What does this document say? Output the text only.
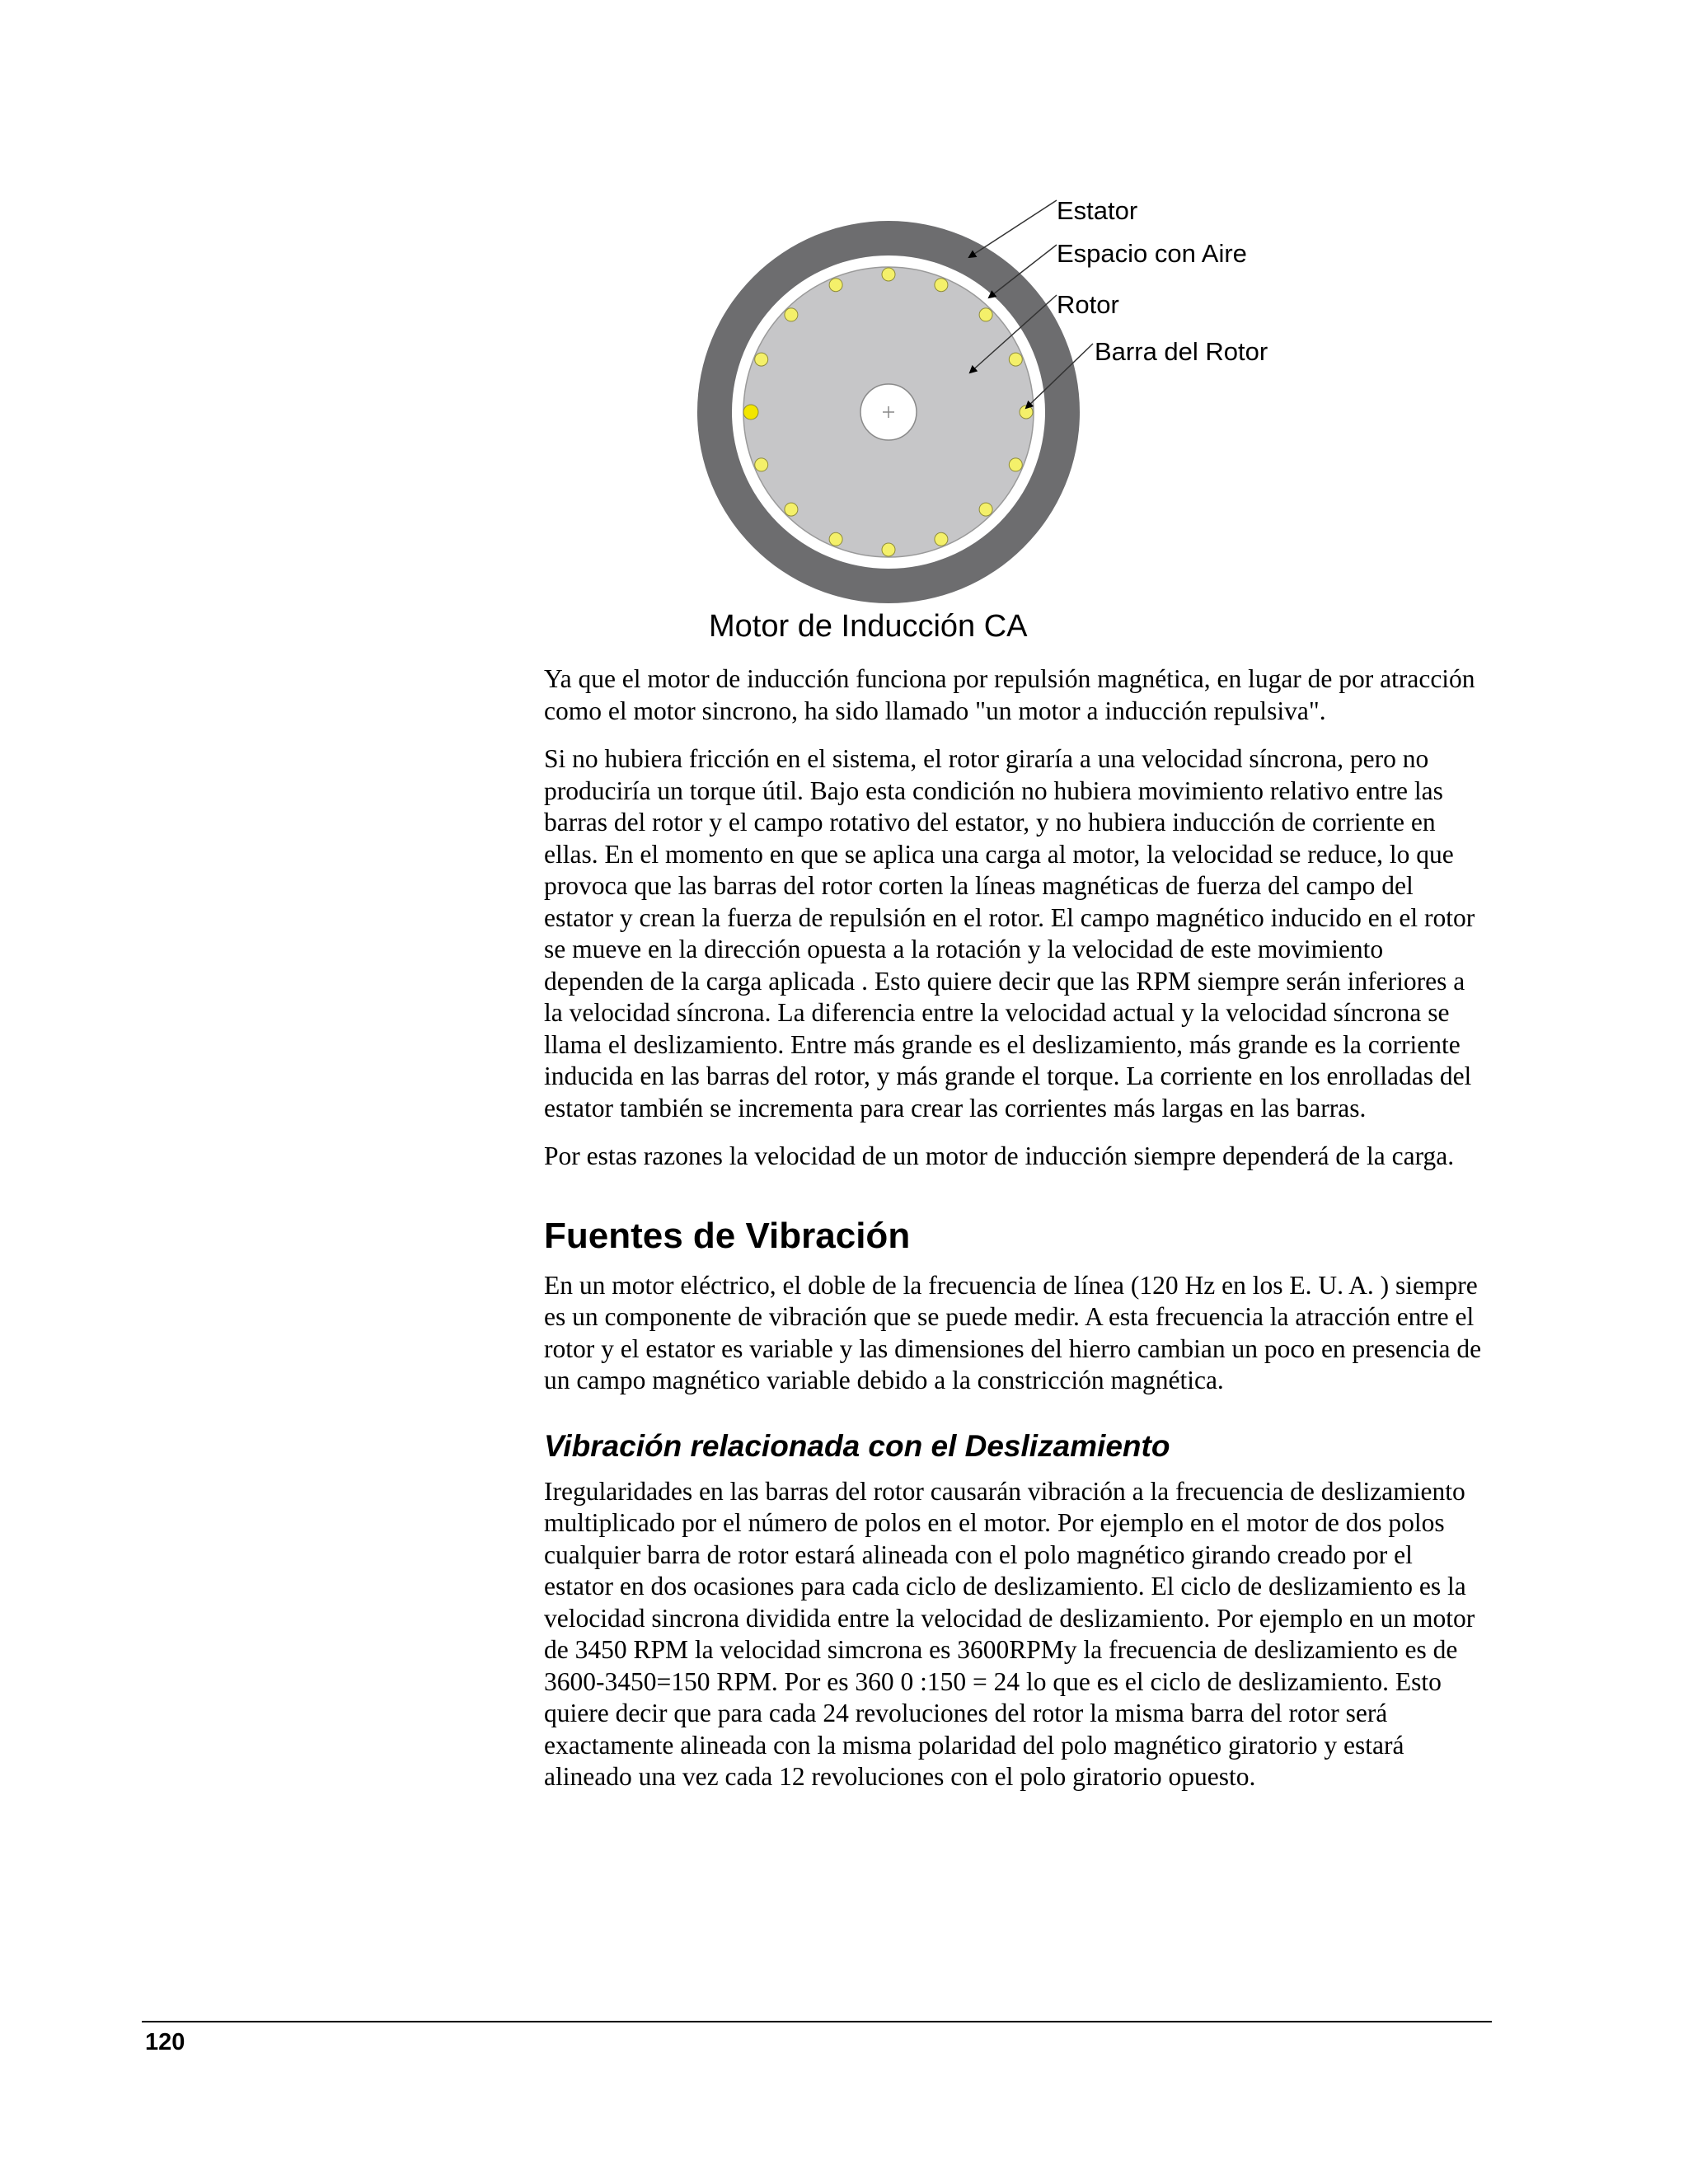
Estator
Espacio con Aire
Rotor
Barra del Rotor
Motor de Inducción CA

Ya que el motor de inducción funciona por repulsión magnética, en lugar de por atracción como el motor sincrono, ha sido llamado "un motor a inducción repulsiva".

Si no hubiera fricción en el sistema, el rotor giraría a una velocidad síncrona, pero no produciría un torque útil. Bajo esta condición no hubiera movimiento relativo entre las barras del rotor y el campo rotativo del estator, y no hubiera inducción de corriente en ellas. En el momento en que se aplica una carga al motor, la velocidad se reduce, lo que provoca que las barras del rotor corten la líneas magnéticas de fuerza del campo del estator y crean la fuerza de repulsión en el rotor. El campo magnético inducido en el rotor se mueve en la dirección opuesta a la rotación y la velocidad de este movimiento dependen de la carga aplicada . Esto quiere decir que las RPM siempre serán inferiores a la velocidad síncrona. La diferencia entre la velocidad actual y la velocidad síncrona se llama el deslizamiento. Entre más grande es el deslizamiento, más grande es la corriente inducida en las barras del rotor, y más grande el torque. La corriente en los enrolladas del estator también se incrementa para crear las corrientes más largas en las barras.

Por estas razones la velocidad de un motor de inducción siempre dependerá de la carga.

Fuentes de Vibración

En un motor eléctrico, el doble de la frecuencia de línea (120 Hz en los E. U. A. ) siempre es un componente de vibración que se puede medir. A esta frecuencia la atracción entre el rotor y el estator es variable y las dimensiones del hierro cambian un poco en presencia de un campo magnético variable debido a la constricción magnética.

Vibración relacionada con el Deslizamiento

Iregularidades en las barras del rotor causarán vibración a la frecuencia de deslizamiento multiplicado por el número de polos en el motor. Por ejemplo en el motor de dos polos cualquier barra de rotor estará alineada con el polo magnético girando creado por el estator en dos ocasiones para cada ciclo de deslizamiento. El ciclo de deslizamiento es la velocidad sincrona dividida entre la velocidad de deslizamiento. Por ejemplo en un motor de 3450 RPM la velocidad simcrona es 3600RPMy la frecuencia de deslizamiento es de 3600-3450=150 RPM. Por es 360 0 :150 = 24 lo que es el ciclo de deslizamiento. Esto quiere decir que para cada 24 revoluciones del rotor la misma barra del rotor será exactamente alineada con la misma polaridad del polo magnético giratorio y estará alineado una vez cada 12 revoluciones con el polo giratorio opuesto.

120
